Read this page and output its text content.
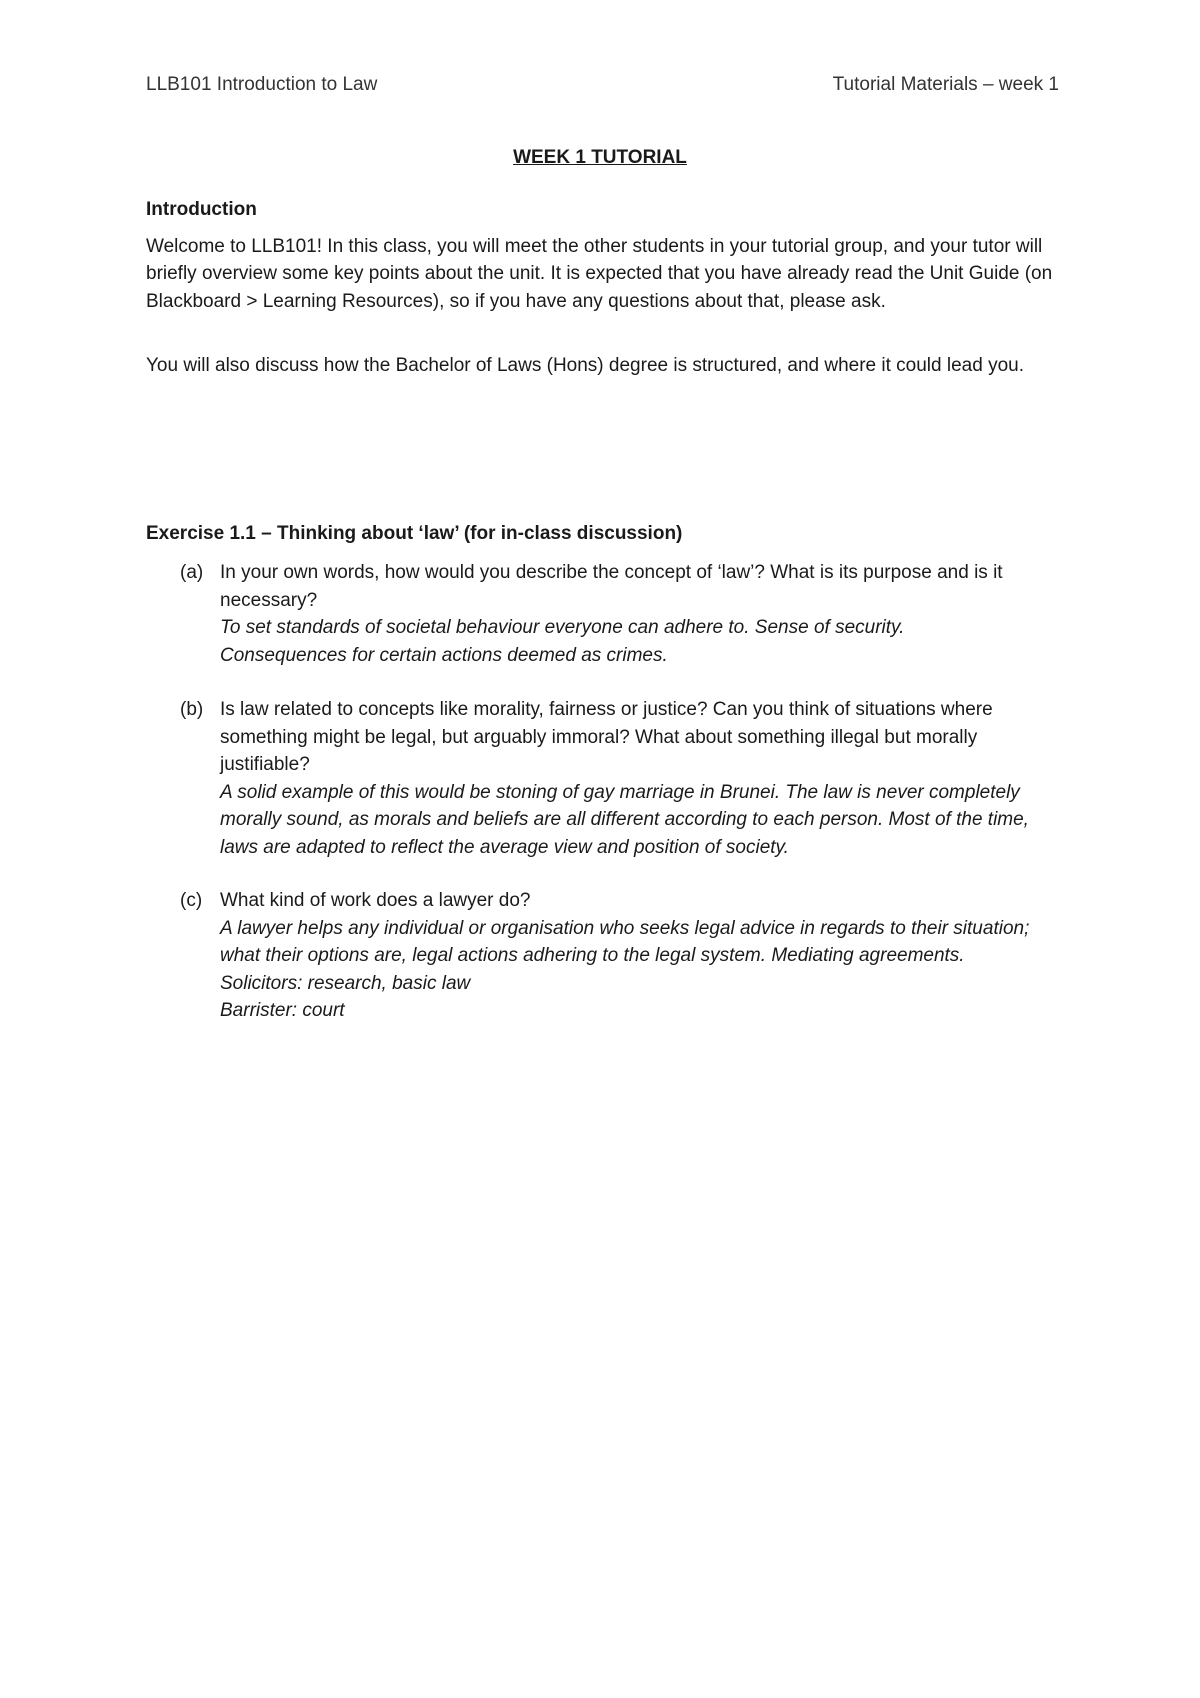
LLB101 Introduction to Law	Tutorial Materials – week 1
WEEK 1 TUTORIAL
Introduction

Welcome to LLB101! In this class, you will meet the other students in your tutorial group, and your tutor will briefly overview some key points about the unit. It is expected that you have already read the Unit Guide (on Blackboard > Learning Resources), so if you have any questions about that, please ask.

You will also discuss how the Bachelor of Laws (Hons) degree is structured, and where it could lead you.

Exercise 1.1 – Thinking about ‘law’ (for in-class discussion)
(a) In your own words, how would you describe the concept of ‘law’? What is its purpose and is it necessary?
To set standards of societal behaviour everyone can adhere to. Sense of security.
Consequences for certain actions deemed as crimes.
(b) Is law related to concepts like morality, fairness or justice? Can you think of situations where something might be legal, but arguably immoral? What about something illegal but morally justifiable?
A solid example of this would be stoning of gay marriage in Brunei. The law is never completely morally sound, as morals and beliefs are all different according to each person. Most of the time, laws are adapted to reflect the average view and position of society.
(c) What kind of work does a lawyer do?
A lawyer helps any individual or organisation who seeks legal advice in regards to their situation; what their options are, legal actions adhering to the legal system. Mediating agreements.
Solicitors: research, basic law
Barrister: court
